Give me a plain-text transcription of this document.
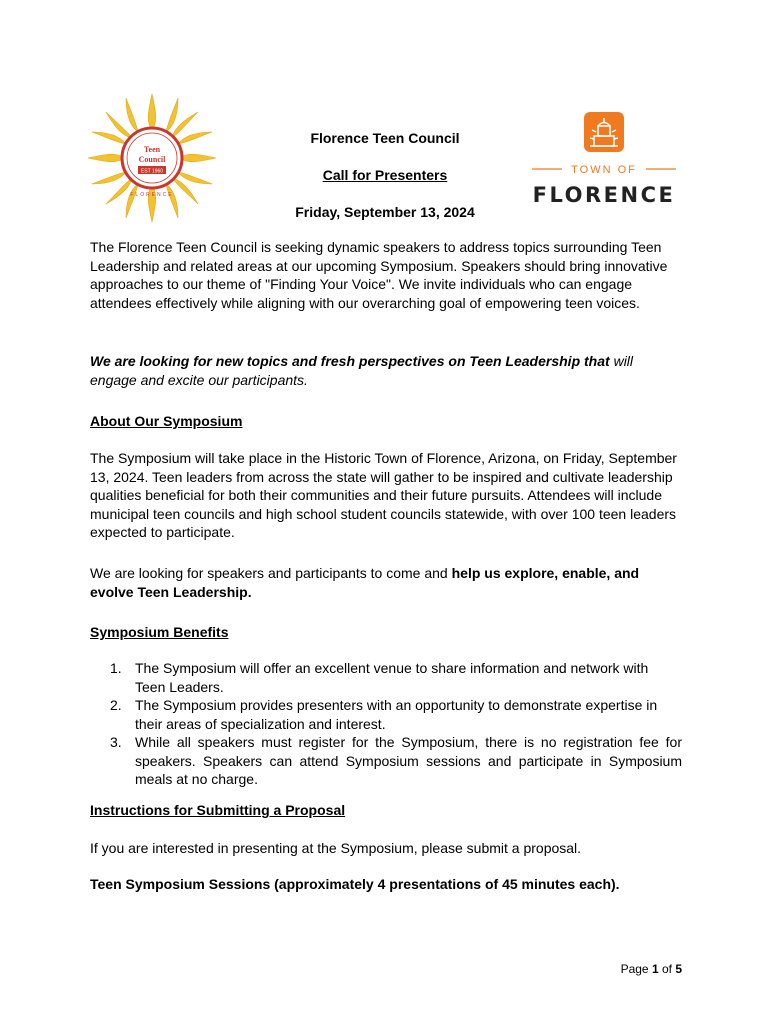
Teen
Council
EST 1960
FLORENCE
TOWN OF
FLORENCE
Florence Teen Council
Call for Presenters
Friday, September 13, 2024
The Florence Teen Council is seeking dynamic speakers to address topics surrounding Teen Leadership and related areas at our upcoming Symposium. Speakers should bring innovative approaches to our theme of "Finding Your Voice". We invite individuals who can engage attendees effectively while aligning with our overarching goal of empowering teen voices.
We are looking for new topics and fresh perspectives on Teen Leadership that will engage and excite our participants.
About Our Symposium
The Symposium will take place in the Historic Town of Florence, Arizona, on Friday, September 13, 2024. Teen leaders from across the state will gather to be inspired and cultivate leadership qualities beneficial for both their communities and their future pursuits. Attendees will include municipal teen councils and high school student councils statewide, with over 100 teen leaders expected to participate.
We are looking for speakers and participants to come and help us explore, enable, and evolve Teen Leadership.
Symposium Benefits
1. The Symposium will offer an excellent venue to share information and network with Teen Leaders.
2. The Symposium provides presenters with an opportunity to demonstrate expertise in their areas of specialization and interest.
3. While all speakers must register for the Symposium, there is no registration fee for speakers. Speakers can attend Symposium sessions and participate in Symposium meals at no charge.
Instructions for Submitting a Proposal
If you are interested in presenting at the Symposium, please submit a proposal.
Teen Symposium Sessions (approximately 4 presentations of 45 minutes each).
Page 1 of 5
